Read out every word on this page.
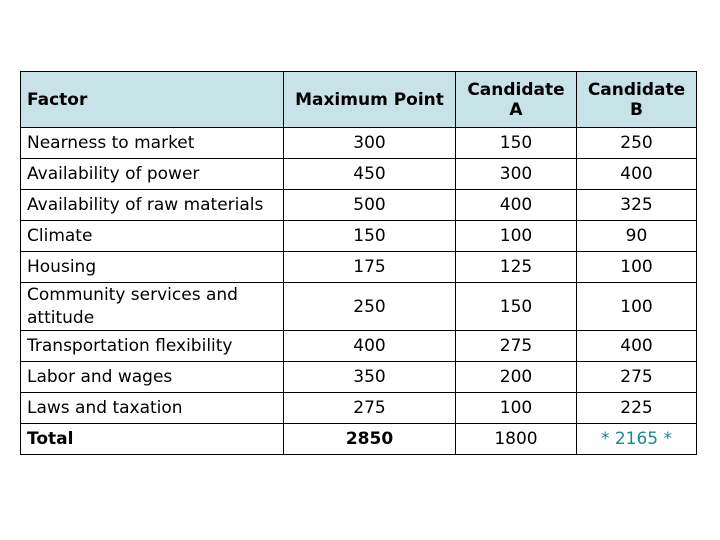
Factor	Maximum Point	Candidate A	Candidate B
Nearness to market	300	150	250
Availability of power	450	300	400
Availability of raw materials	500	400	325
Climate	150	100	90
Housing	175	125	100
Community services and attitude	250	150	100
Transportation flexibility	400	275	400
Labor and wages	350	200	275
Laws and taxation	275	100	225
Total	2850	1800	* 2165 *
